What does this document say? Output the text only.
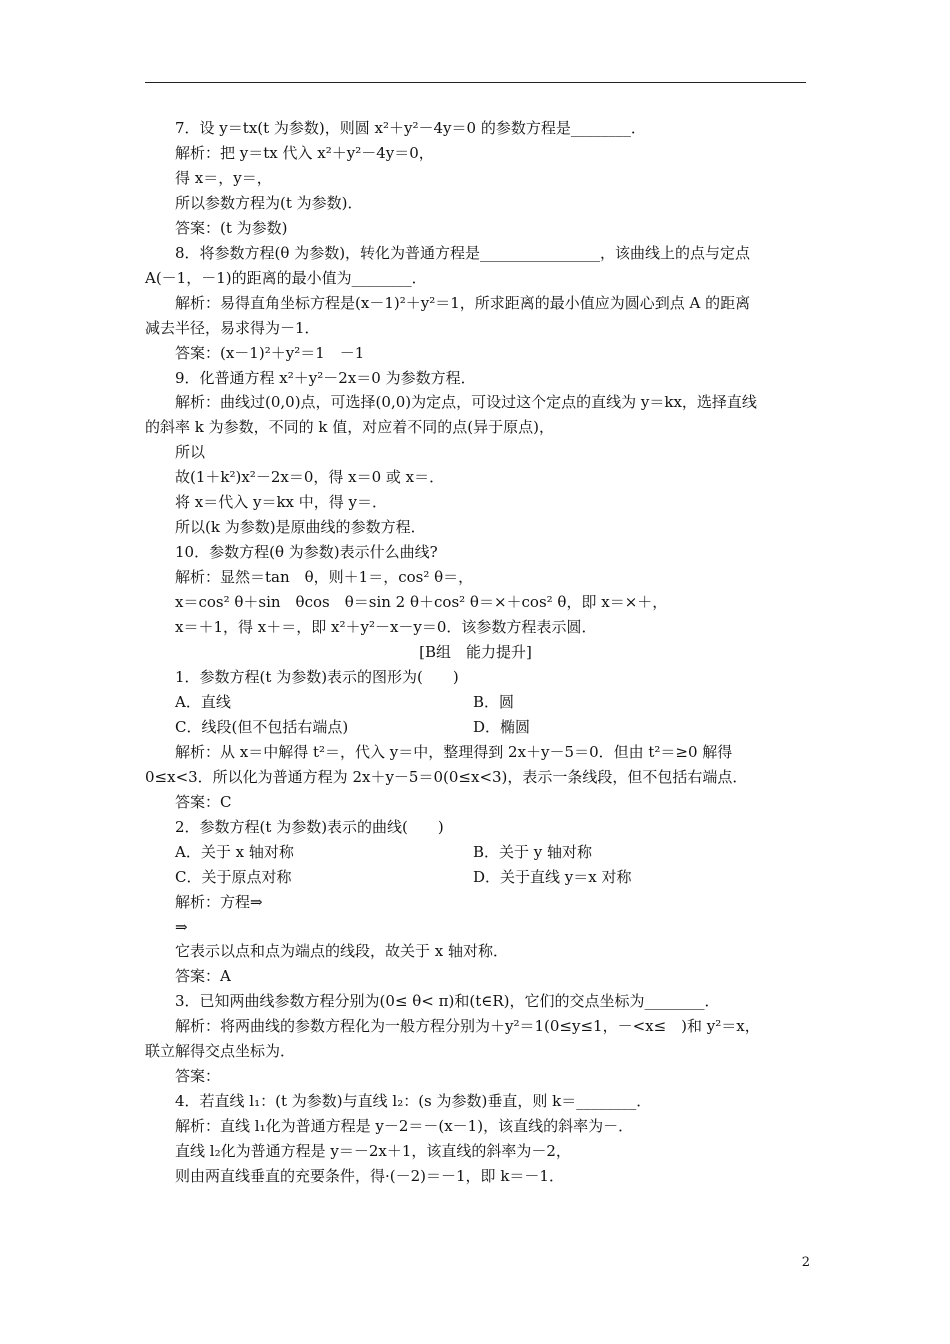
7．设 y＝tx(t 为参数)，则圆 x²＋y²－4y＝0 的参数方程是________．
解析：把 y＝tx 代入 x²＋y²－4y＝0，
得 x＝，y＝，
所以参数方程为(t 为参数)．
答案：(t 为参数)
8．将参数方程(θ 为参数)，转化为普通方程是________________，该曲线上的点与定点
A(－1，－1)的距离的最小值为________．
解析：易得直角坐标方程是(x－1)²＋y²＝1，所求距离的最小值应为圆心到点 A 的距离
减去半径，易求得为－1．
答案：(x－1)²＋y²＝1　－1
9．化普通方程 x²＋y²－2x＝0 为参数方程．
解析：曲线过(0,0)点，可选择(0,0)为定点，可设过这个定点的直线为 y＝kx，选择直线
的斜率 k 为参数，不同的 k 值，对应着不同的点(异于原点)，
所以
故(1＋k²)x²－2x＝0，得 x＝0 或 x＝．
将 x＝代入 y＝kx 中，得 y＝．
所以(k 为参数)是原曲线的参数方程．
10．参数方程(θ 为参数)表示什么曲线?
解析：显然＝tan　θ，则＋1＝，cos² θ＝，
x＝cos² θ＋sin　θcos　θ＝sin 2 θ＋cos² θ＝×＋cos² θ，即 x＝×＋，
x＝＋1，得 x＋＝，即 x²＋y²－x－y＝0．该参数方程表示圆．
[B组　能力提升]
1．参数方程(t 为参数)表示的图形为(　　)
A．直线	B．圆
C．线段(但不包括右端点)	D．椭圆
解析：从 x＝中解得 t²＝，代入 y＝中，整理得到 2x＋y－5＝0．但由 t²＝≥0 解得
0≤x<3．所以化为普通方程为 2x＋y－5＝0(0≤x<3)，表示一条线段，但不包括右端点．
答案：C
2．参数方程(t 为参数)表示的曲线(　　)
A．关于 x 轴对称	B．关于 y 轴对称
C．关于原点对称	D．关于直线 y＝x 对称
解析：方程⇒
⇒
它表示以点和点为端点的线段，故关于 x 轴对称．
答案：A
3．已知两曲线参数方程分别为(0≤ θ< π)和(t∈R)，它们的交点坐标为________．
解析：将两曲线的参数方程化为一般方程分别为＋y²＝1(0≤y≤1，－<x≤　)和 y²＝x，
联立解得交点坐标为．
答案：
4．若直线 l₁：(t 为参数)与直线 l₂：(s 为参数)垂直，则 k＝________．
解析：直线 l₁化为普通方程是 y－2＝－(x－1)，该直线的斜率为－．
直线 l₂化为普通方程是 y＝－2x＋1，该直线的斜率为－2，
则由两直线垂直的充要条件，得·(－2)＝－1，即 k＝－1．
2
